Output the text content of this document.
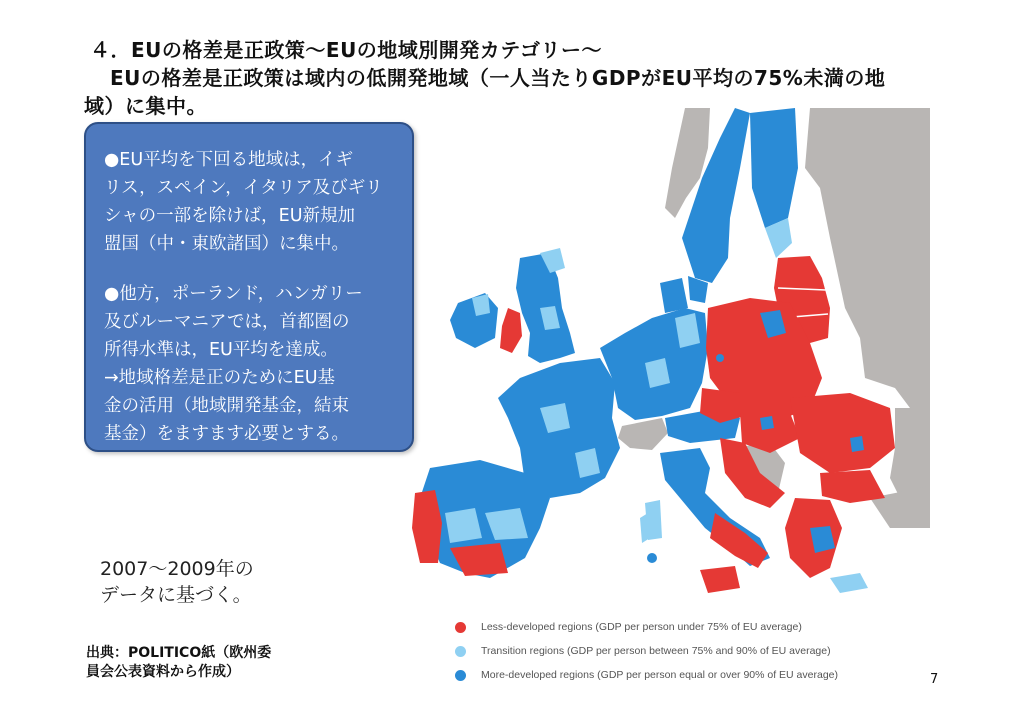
４．EUの格差是正政策～EUの地域別開発カテゴリー～
EUの格差是正政策は域内の低開発地域（一人当たりGDPがEU平均の75%未満の地
域）に集中。

●EU平均を下回る地域は，イギ
リス，スペイン，イタリア及びギリ
シャの一部を除けば，EU新規加
盟国（中・東欧諸国）に集中。

●他方，ポーランド，ハンガリー
及びルーマニアでは，首都圏の
所得水準は，EU平均を達成。
→地域格差是正のためにEU基
金の活用（地域開発基金，結束
基金）をますます必要とする。

2007～2009年の
データに基づく。
出典：POLITICO紙（欧州委
員会公表資料から作成）
Less-developed regions (GDP per person under 75% of EU average)
Transition regions (GDP per person between 75% and 90% of EU average)
More-developed regions (GDP per person equal or over 90% of EU average)	7
